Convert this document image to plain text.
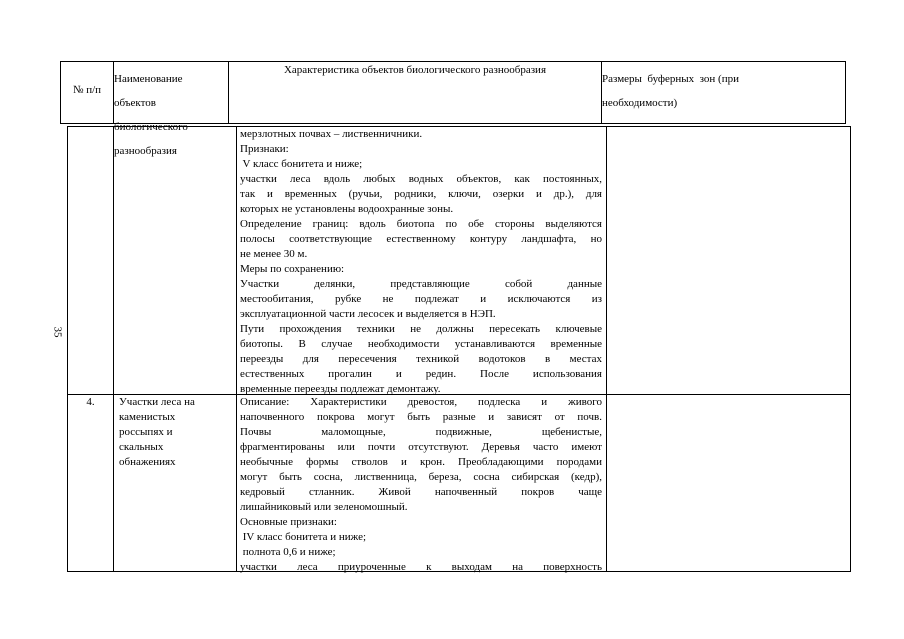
35
№ п/п

Наименование

объектов

биологического

разнообразия

Характеристика объектов биологического разнообразия

Размеры  буферных  зон (при

необходимости)

мерзлотных почвах – лиственничники.

Признаки:

V класс бонитета и ниже;

участки леса вдоль любых водных объектов, как постоянных,

так и временных (ручьи, родники, ключи, озерки и др.), для

которых не установлены водоохранные зоны.

Определение границ: вдоль биотопа по обе стороны выделяются

полосы соответствующие естественному контуру ландшафта, но

не менее 30 м.

Меры по сохранению:

Участки делянки, представляющие собой данные

местообитания, рубке не подлежат и исключаются из

эксплуатационной части лесосек и выделяется в НЭП.

Пути прохождения техники не должны пересекать ключевые

биотопы. В случае необходимости устанавливаются временные

переезды для пересечения техникой водотоков в местах

естественных прогалин и редин. После использования

временные переезды подлежат демонтажу.

4.	Участки леса на

каменистых

россыпях и

скальных

обнажениях

Описание: Характеристики древостоя, подлеска и живого

напочвенного покрова могут быть разные и зависят от почв.

Почвы маломощные, подвижные, щебенистые,

фрагментированы или почти отсутствуют. Деревья часто имеют

необычные формы стволов и крон. Преобладающими породами

могут быть сосна, лиственница, береза, сосна сибирская (кедр),

кедровый стланник. Живой напочвенный покров чаще

лишайниковый или зеленомошный.

Основные признаки:

IV класс бонитета и ниже;

полнота 0,6 и ниже;

участки леса приуроченные к выходам на поверхность
